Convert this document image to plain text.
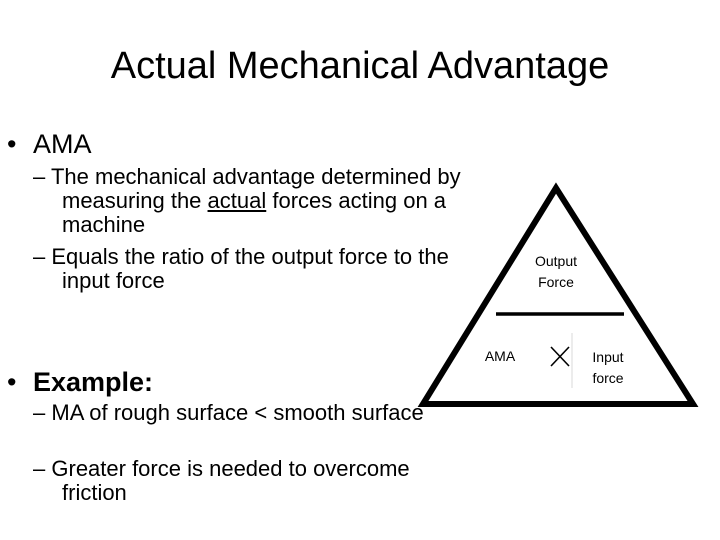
Actual Mechanical Advantage
• AMA
– The mechanical advantage determined by measuring the actual forces acting on a machine
– Equals the ratio of the output force to the input force
• Example:
– MA of rough surface < smooth surface
– Greater force is needed to overcome friction
Output
Force
AMA	Input
force
